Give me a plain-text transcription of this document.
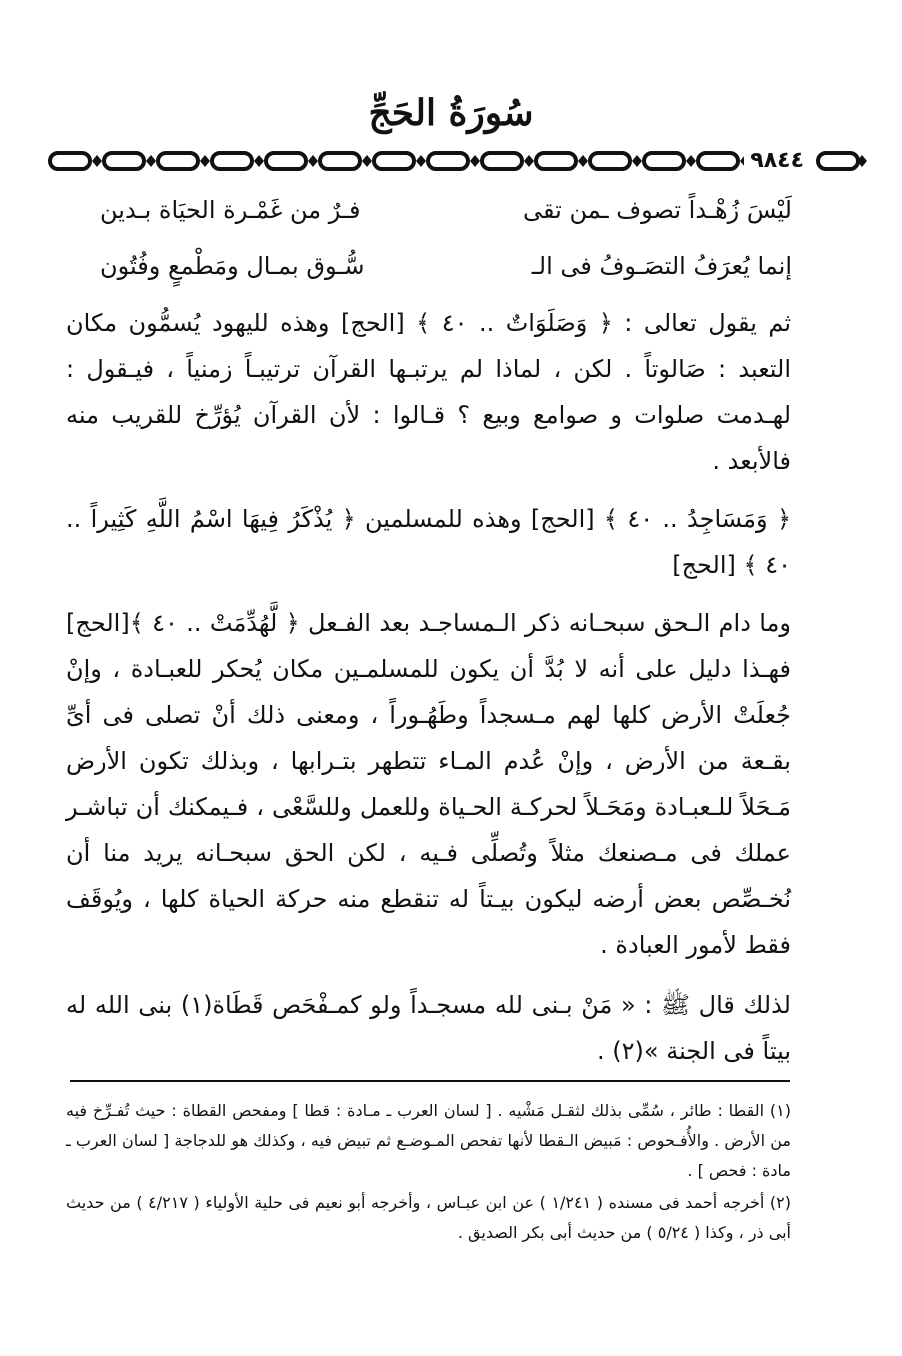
سُورَةُ الحَجِّ
٩٨٤٤
لَيْسَ زُهْـداً تصوف ـمن تقى
فـرٌ من غَمْـرة الحيَاة بـدين
إنما يُعرَفُ التصَـوفُ فى الـ
سُّـوق بمـال ومَطْمعٍ وفُتُون
ثم يقول تعالى : ﴿ وَصَلَوَاتٌ .. ٤٠ ﴾ [الحج] وهذه لليهود يُسمُّون مكان التعبد : صَالوتاً . لكن ، لماذا لم يرتبـها القرآن ترتيبـاً زمنياً ، فيـقول : لهـدمت صلوات و صوامع وبيع ؟ قـالوا : لأن القرآن يُؤرِّخ للقريب منه فالأبعد .
﴿ وَمَسَاجِدُ .. ٤٠ ﴾ [الحج] وهذه للمسلمين ﴿ يُذْكَرُ فِيهَا اسْمُ اللَّهِ كَثِيراً .. ٤٠ ﴾ [الحج]
وما دام الـحق سبحـانه ذكر الـمساجـد بعد الفـعل ﴿ لَّهُدِّمَتْ .. ٤٠ ﴾[الحج] فهـذا دليل على أنه لا بُدَّ أن يكون للمسلمـين مكان يُحكر للعبـادة ، وإنْ جُعلَتْ الأرض كلها لهم مـسجداً وطَهُـوراً ، ومعنى ذلك أنْ تصلى فى أىِّ بقـعة من الأرض ، وإنْ عُدم المـاء تتطهر بتـرابها ، وبذلك تكون الأرض مَـحَلاً للـعبـادة ومَحَـلاً لحركـة الحـياة وللعمل وللسَّعْى ، فـيمكنك أن تباشـر عملك فى مـصنعك مثلاً وتُصلِّى فـيه ، لكن الحق سبحـانه يريد منا أن نُخـصِّص بعض أرضه ليكون بيـتاً له تنقطع منه حركة الحياة كلها ، ويُوقَف فقط لأمور العبادة .
لذلك قال ﷺ : « مَنْ بـنى لله مسجـداً ولو كمـفْحَص قَطَاة(١) بنى الله له بيتاً فى الجنة »(٢) .
(١) القطا : طائر ، سُمِّى بذلك لثقـل مَشْيه . [ لسان العرب ـ مـادة : قطا ] ومفحص القطاة : حيث تُفـرِّخ فيه من الأرض . والأُفـحوص : مَبيض الـقطا لأنها تفحص المـوضـع ثم تبيض فيه ، وكذلك هو للدجاجة [ لسان العرب ـ مادة : فحص ] .
(٢) أخرجه أحمد فى مسنده ( ١/٢٤١ ) عن ابن عبـاس ، وأخرجه أبو نعيم فى حلية الأولياء ( ٤/٢١٧ ) من حديث أبى ذر ، وكذا ( ٥/٢٤ ) من حديث أبى بكر الصديق .
